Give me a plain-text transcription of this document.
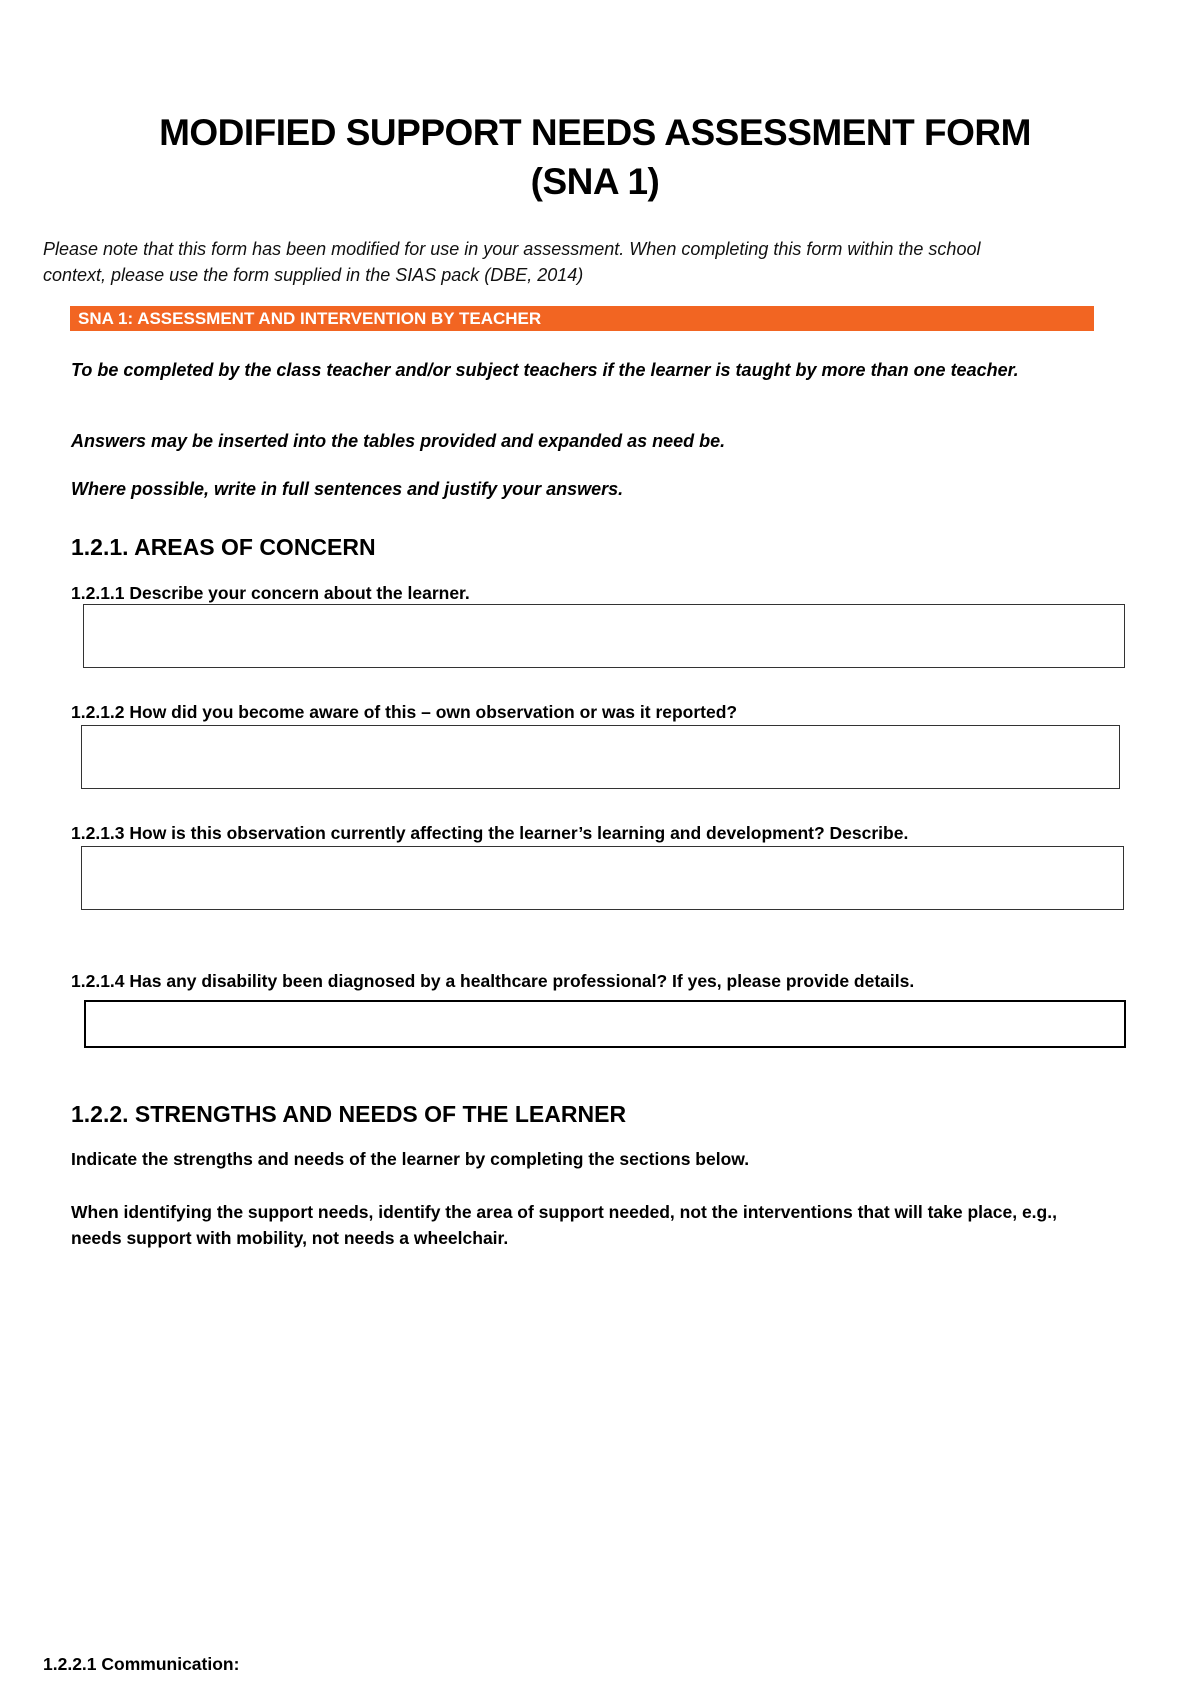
MODIFIED SUPPORT NEEDS ASSESSMENT FORM
(SNA 1)
Please note that this form has been modified for use in your assessment. When completing this form within the school context, please use the form supplied in the SIAS pack (DBE, 2014)
SNA 1: ASSESSMENT AND INTERVENTION BY TEACHER
To be completed by the class teacher and/or subject teachers if the learner is taught by more than one teacher.
Answers may be inserted into the tables provided and expanded as need be.
Where possible, write in full sentences and justify your answers.
1.2.1. AREAS OF CONCERN
1.2.1.1 Describe your concern about the learner.
1.2.1.2 How did you become aware of this – own observation or was it reported?
1.2.1.3 How is this observation currently affecting the learner’s learning and development? Describe.
1.2.1.4 Has any disability been diagnosed by a healthcare professional? If yes, please provide details.
1.2.2. STRENGTHS AND NEEDS OF THE LEARNER
Indicate the strengths and needs of the learner by completing the sections below.
When identifying the support needs, identify the area of support needed, not the interventions that will take place, e.g., needs support with mobility, not needs a wheelchair.
1.2.2.1 Communication:
